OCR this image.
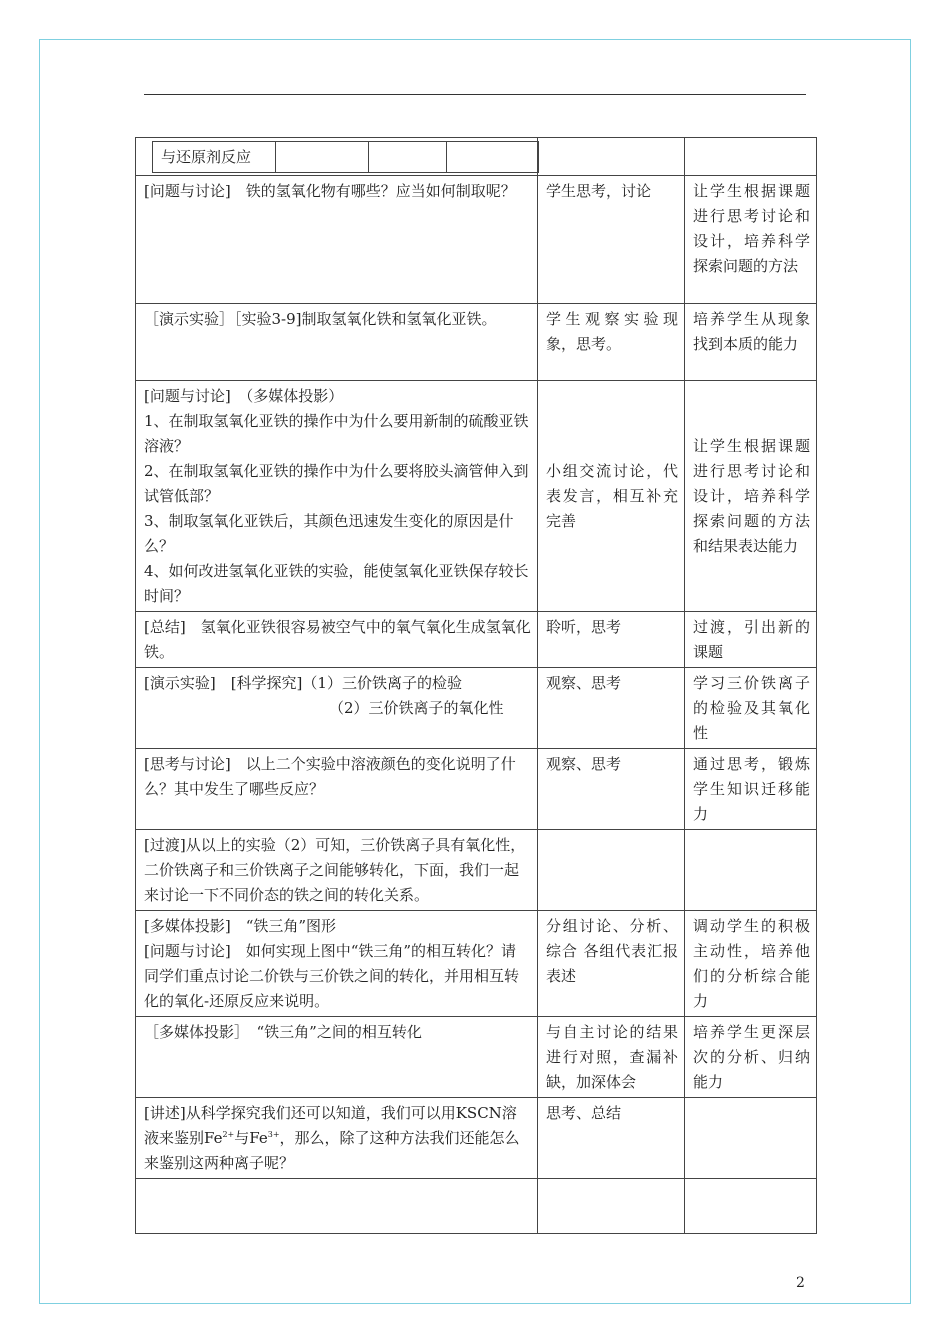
与还原剂反应			

[问题与讨论]　铁的氢氧化物有哪些？应当如何制取呢？	学生思考，讨论	让学生根据课题进行思考讨论和设计，培养科学探索问题的方法

［演示实验］［实验3-9]制取氢氧化铁和氢氧化亚铁。	学生观察实验现象，思考。	培养学生从现象找到本质的能力

[问题与讨论]　（多媒体投影）
1、在制取氢氧化亚铁的操作中为什么要用新制的硫酸亚铁溶液？
2、在制取氢氧化亚铁的操作中为什么要将胶头滴管伸入到试管低部？
3、制取氢氧化亚铁后，其颜色迅速发生变化的原因是什么？
4、如何改进氢氧化亚铁的实验，能使氢氧化亚铁保存较长时间？
	小组交流讨论，代表发言，相互补充完善	让学生根据课题进行思考讨论和设计，培养科学探索问题的方法和结果表达能力

[总结]　氢氧化亚铁很容易被空气中的氧气氧化生成氢氧化铁。
	聆听，思考	过渡，引出新的课题

[演示实验]　[科学探究]（1）三价铁离子的检验
（2）三价铁离子的氧化性
	观察、思考	学习三价铁离子的检验及其氧化性

[思考与讨论]　以上二个实验中溶液颜色的变化说明了什么？其中发生了哪些反应？
	观察、思考	通过思考，锻炼学生知识迁移能力

[过渡]从以上的实验（2）可知，三价铁离子具有氧化性，二价铁离子和三价铁离子之间能够转化，下面，我们一起来讨论一下不同价态的铁之间的转化关系。

[多媒体投影]　“铁三角”图形
[问题与讨论]　如何实现上图中“铁三角”的相互转化？请同学们重点讨论二价铁与三价铁之间的转化，并用相互转化的氧化-还原反应来说明。
	分组讨论、分析、综合 各组代表汇报表述	调动学生的积极主动性，培养他们的分析综合能力

［多媒体投影］　“铁三角”之间的相互转化	与自主讨论的结果进行对照，查漏补缺，加深体会	培养学生更深层次的分析、归纳能力
[讲述]从科学探究我们还可以知道，我们可以用KSCN溶液来鉴别$Fe^{2+}$与$Fe^{3+}$，那么，除了这种方法我们还能怎么来鉴别这两种离子呢？	思考、总结	

2
